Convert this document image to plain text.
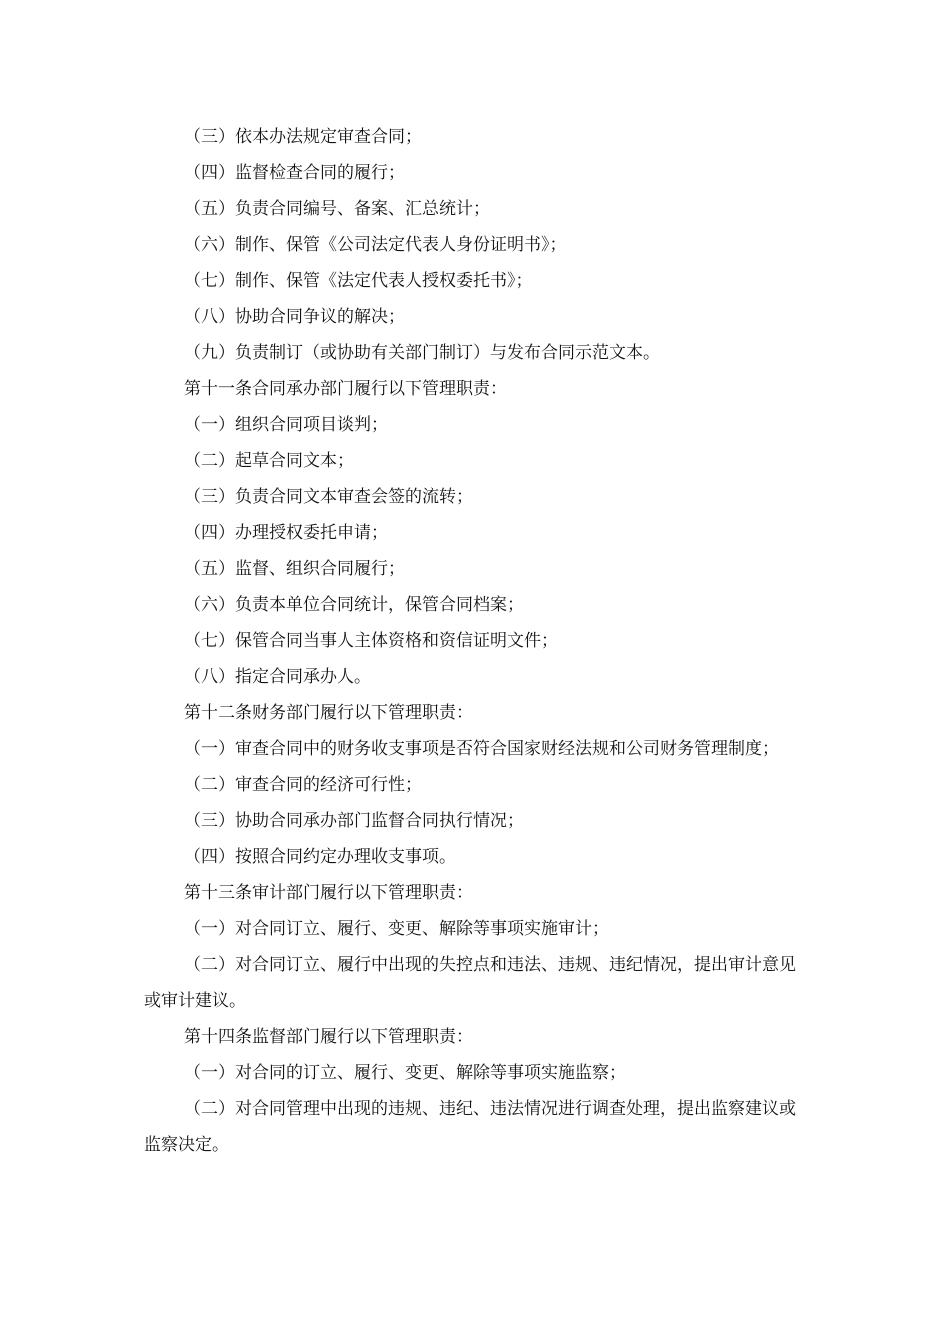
（三）依本办法规定审查合同；
（四）监督检查合同的履行；
（五）负责合同编号、备案、汇总统计；
（六）制作、保管《公司法定代表人身份证明书》；
（七）制作、保管《法定代表人授权委托书》；
（八）协助合同争议的解决；
（九）负责制订（或协助有关部门制订）与发布合同示范文本。
第十一条合同承办部门履行以下管理职责：
（一）组织合同项目谈判；
（二）起草合同文本；
（三）负责合同文本审查会签的流转；
（四）办理授权委托申请；
（五）监督、组织合同履行；
（六）负责本单位合同统计，保管合同档案；
（七）保管合同当事人主体资格和资信证明文件；
（八）指定合同承办人。
第十二条财务部门履行以下管理职责：
（一）审查合同中的财务收支事项是否符合国家财经法规和公司财务管理制度；
（二）审查合同的经济可行性；
（三）协助合同承办部门监督合同执行情况；
（四）按照合同约定办理收支事项。
第十三条审计部门履行以下管理职责：
（一）对合同订立、履行、变更、解除等事项实施审计；
（二）对合同订立、履行中出现的失控点和违法、违规、违纪情况，提出审计意见或审计建议。
第十四条监督部门履行以下管理职责：
（一）对合同的订立、履行、变更、解除等事项实施监察；
（二）对合同管理中出现的违规、违纪、违法情况进行调查处理，提出监察建议或监察决定。
